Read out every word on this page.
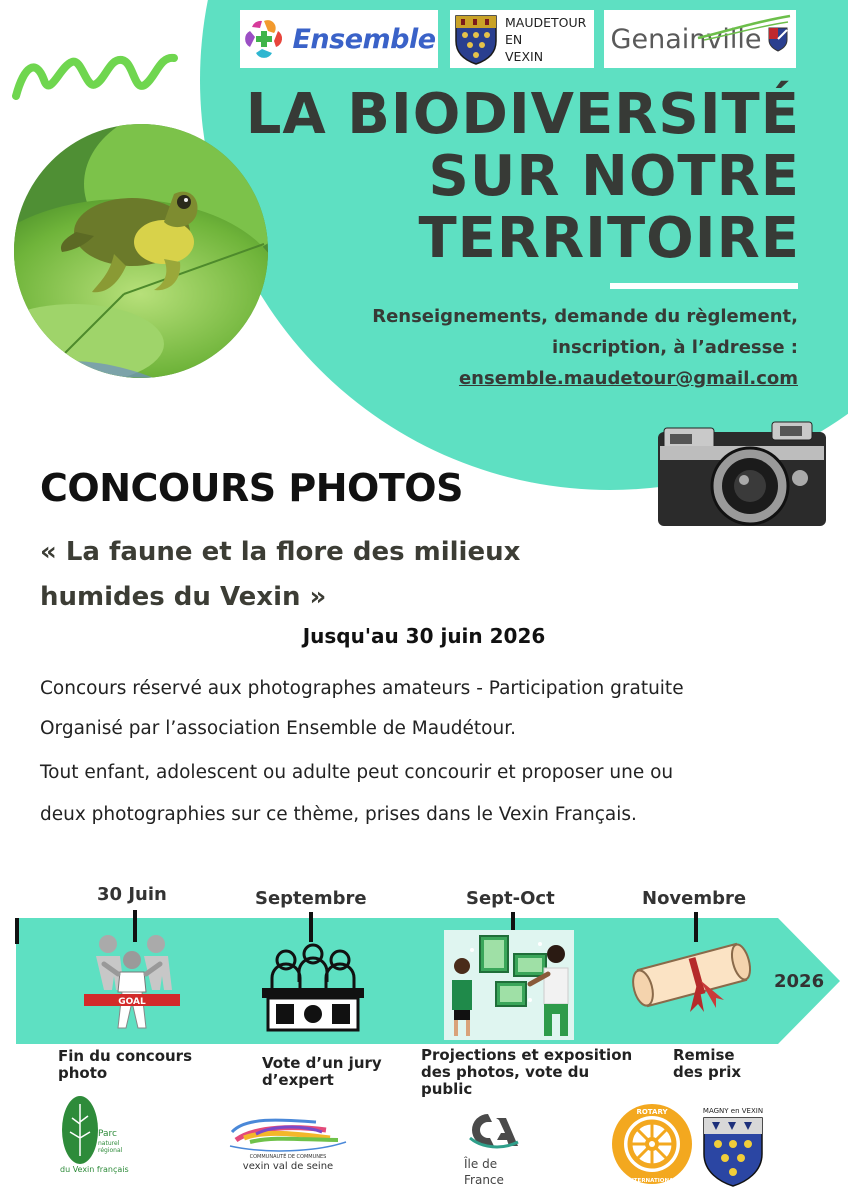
Ensemble
MAUDETOUR
EN
VEXIN
Genainville
LA BIODIVERSITÉ
SUR NOTRE
TERRITOIRE
Renseignements, demande du règlement,
inscription, à l’adresse :
ensemble.maudetour@gmail.com
CONCOURS PHOTOS
« La faune et la flore des milieux
humides du Vexin »
Jusqu'au 30 juin 2026
Concours réservé aux photographes amateurs - Participation gratuite
Organisé par l’association Ensemble de Maudétour.
Tout enfant, adolescent ou adulte peut concourir et proposer une ou
deux photographies sur ce thème, prises dans le Vexin Français.
30 Juin	Septembre	Sept-Oct	Novembre
2026
GOAL
Fin du concours
photo
Vote d’un jury
d’expert
Projections et exposition
des photos, vote du
public
Remise
des prix
Parc
naturel
régional
du Vexin français
COMMUNAUTÉ DE COMMUNES
vexin val de seine	Île de
France
ROTARY
INTERNATIONAL
MAGNY en VEXIN
